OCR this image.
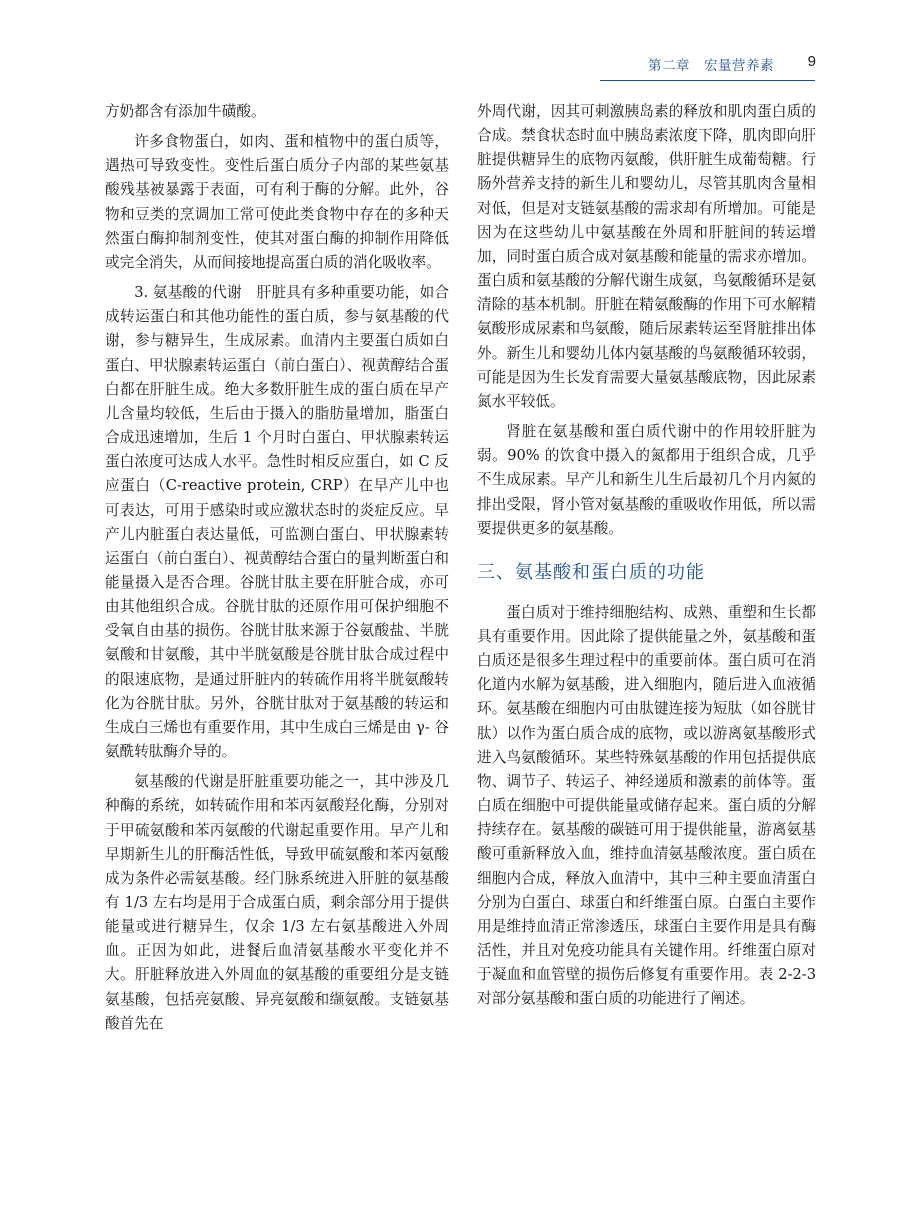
第二章　宏量营养素 9

方奶都含有添加牛磺酸。

许多食物蛋白，如肉、蛋和植物中的蛋白质等，遇热可导致变性。变性后蛋白质分子内部的某些氨基酸残基被暴露于表面，可有利于酶的分解。此外，谷物和豆类的烹调加工常可使此类食物中存在的多种天然蛋白酶抑制剂变性，使其对蛋白酶的抑制作用降低或完全消失，从而间接地提高蛋白质的消化吸收率。

3. 氨基酸的代谢　肝脏具有多种重要功能，如合成转运蛋白和其他功能性的蛋白质，参与氨基酸的代谢，参与糖异生，生成尿素。血清内主要蛋白质如白蛋白、甲状腺素转运蛋白（前白蛋白）、视黄醇结合蛋白都在肝脏生成。绝大多数肝脏生成的蛋白质在早产儿含量均较低，生后由于摄入的脂肪量增加，脂蛋白合成迅速增加，生后 1 个月时白蛋白、甲状腺素转运蛋白浓度可达成人水平。急性时相反应蛋白，如 C 反应蛋白（C-reactive protein, CRP）在早产儿中也可表达，可用于感染时或应激状态时的炎症反应。早产儿内脏蛋白表达量低，可监测白蛋白、甲状腺素转运蛋白（前白蛋白）、视黄醇结合蛋白的量判断蛋白和能量摄入是否合理。谷胱甘肽主要在肝脏合成，亦可由其他组织合成。谷胱甘肽的还原作用可保护细胞不受氧自由基的损伤。谷胱甘肽来源于谷氨酸盐、半胱氨酸和甘氨酸，其中半胱氨酸是谷胱甘肽合成过程中的限速底物，是通过肝脏内的转硫作用将半胱氨酸转化为谷胱甘肽。另外，谷胱甘肽对于氨基酸的转运和生成白三烯也有重要作用，其中生成白三烯是由 γ- 谷氨酰转肽酶介导的。

氨基酸的代谢是肝脏重要功能之一，其中涉及几种酶的系统，如转硫作用和苯丙氨酸羟化酶，分别对于甲硫氨酸和苯丙氨酸的代谢起重要作用。早产儿和早期新生儿的肝酶活性低，导致甲硫氨酸和苯丙氨酸成为条件必需氨基酸。经门脉系统进入肝脏的氨基酸有 1/3 左右均是用于合成蛋白质，剩余部分用于提供能量或进行糖异生，仅余 1/3 左右氨基酸进入外周血。正因为如此，进餐后血清氨基酸水平变化并不大。肝脏释放进入外周血的氨基酸的重要组分是支链氨基酸，包括亮氨酸、异亮氨酸和缬氨酸。支链氨基酸首先在

外周代谢，因其可刺激胰岛素的释放和肌肉蛋白质的合成。禁食状态时血中胰岛素浓度下降，肌肉即向肝脏提供糖异生的底物丙氨酸，供肝脏生成葡萄糖。行肠外营养支持的新生儿和婴幼儿，尽管其肌肉含量相对低，但是对支链氨基酸的需求却有所增加。可能是因为在这些幼儿中氨基酸在外周和肝脏间的转运增加，同时蛋白质合成对氨基酸和能量的需求亦增加。蛋白质和氨基酸的分解代谢生成氨，鸟氨酸循环是氨清除的基本机制。肝脏在精氨酸酶的作用下可水解精氨酸形成尿素和鸟氨酸，随后尿素转运至肾脏排出体外。新生儿和婴幼儿体内氨基酸的鸟氨酸循环较弱，可能是因为生长发育需要大量氨基酸底物，因此尿素氮水平较低。

肾脏在氨基酸和蛋白质代谢中的作用较肝脏为弱。90% 的饮食中摄入的氮都用于组织合成，几乎不生成尿素。早产儿和新生儿生后最初几个月内氮的排出受限，肾小管对氨基酸的重吸收作用低，所以需要提供更多的氨基酸。

三、氨基酸和蛋白质的功能

蛋白质对于维持细胞结构、成熟、重塑和生长都具有重要作用。因此除了提供能量之外，氨基酸和蛋白质还是很多生理过程中的重要前体。蛋白质可在消化道内水解为氨基酸，进入细胞内，随后进入血液循环。氨基酸在细胞内可由肽键连接为短肽（如谷胱甘肽）以作为蛋白质合成的底物，或以游离氨基酸形式进入鸟氨酸循环。某些特殊氨基酸的作用包括提供底物、调节子、转运子、神经递质和激素的前体等。蛋白质在细胞中可提供能量或储存起来。蛋白质的分解持续存在。氨基酸的碳链可用于提供能量，游离氨基酸可重新释放入血，维持血清氨基酸浓度。蛋白质在细胞内合成，释放入血清中，其中三种主要血清蛋白分别为白蛋白、球蛋白和纤维蛋白原。白蛋白主要作用是维持血清正常渗透压，球蛋白主要作用是具有酶活性，并且对免疫功能具有关键作用。纤维蛋白原对于凝血和血管壁的损伤后修复有重要作用。表 2-2-3 对部分氨基酸和蛋白质的功能进行了阐述。
